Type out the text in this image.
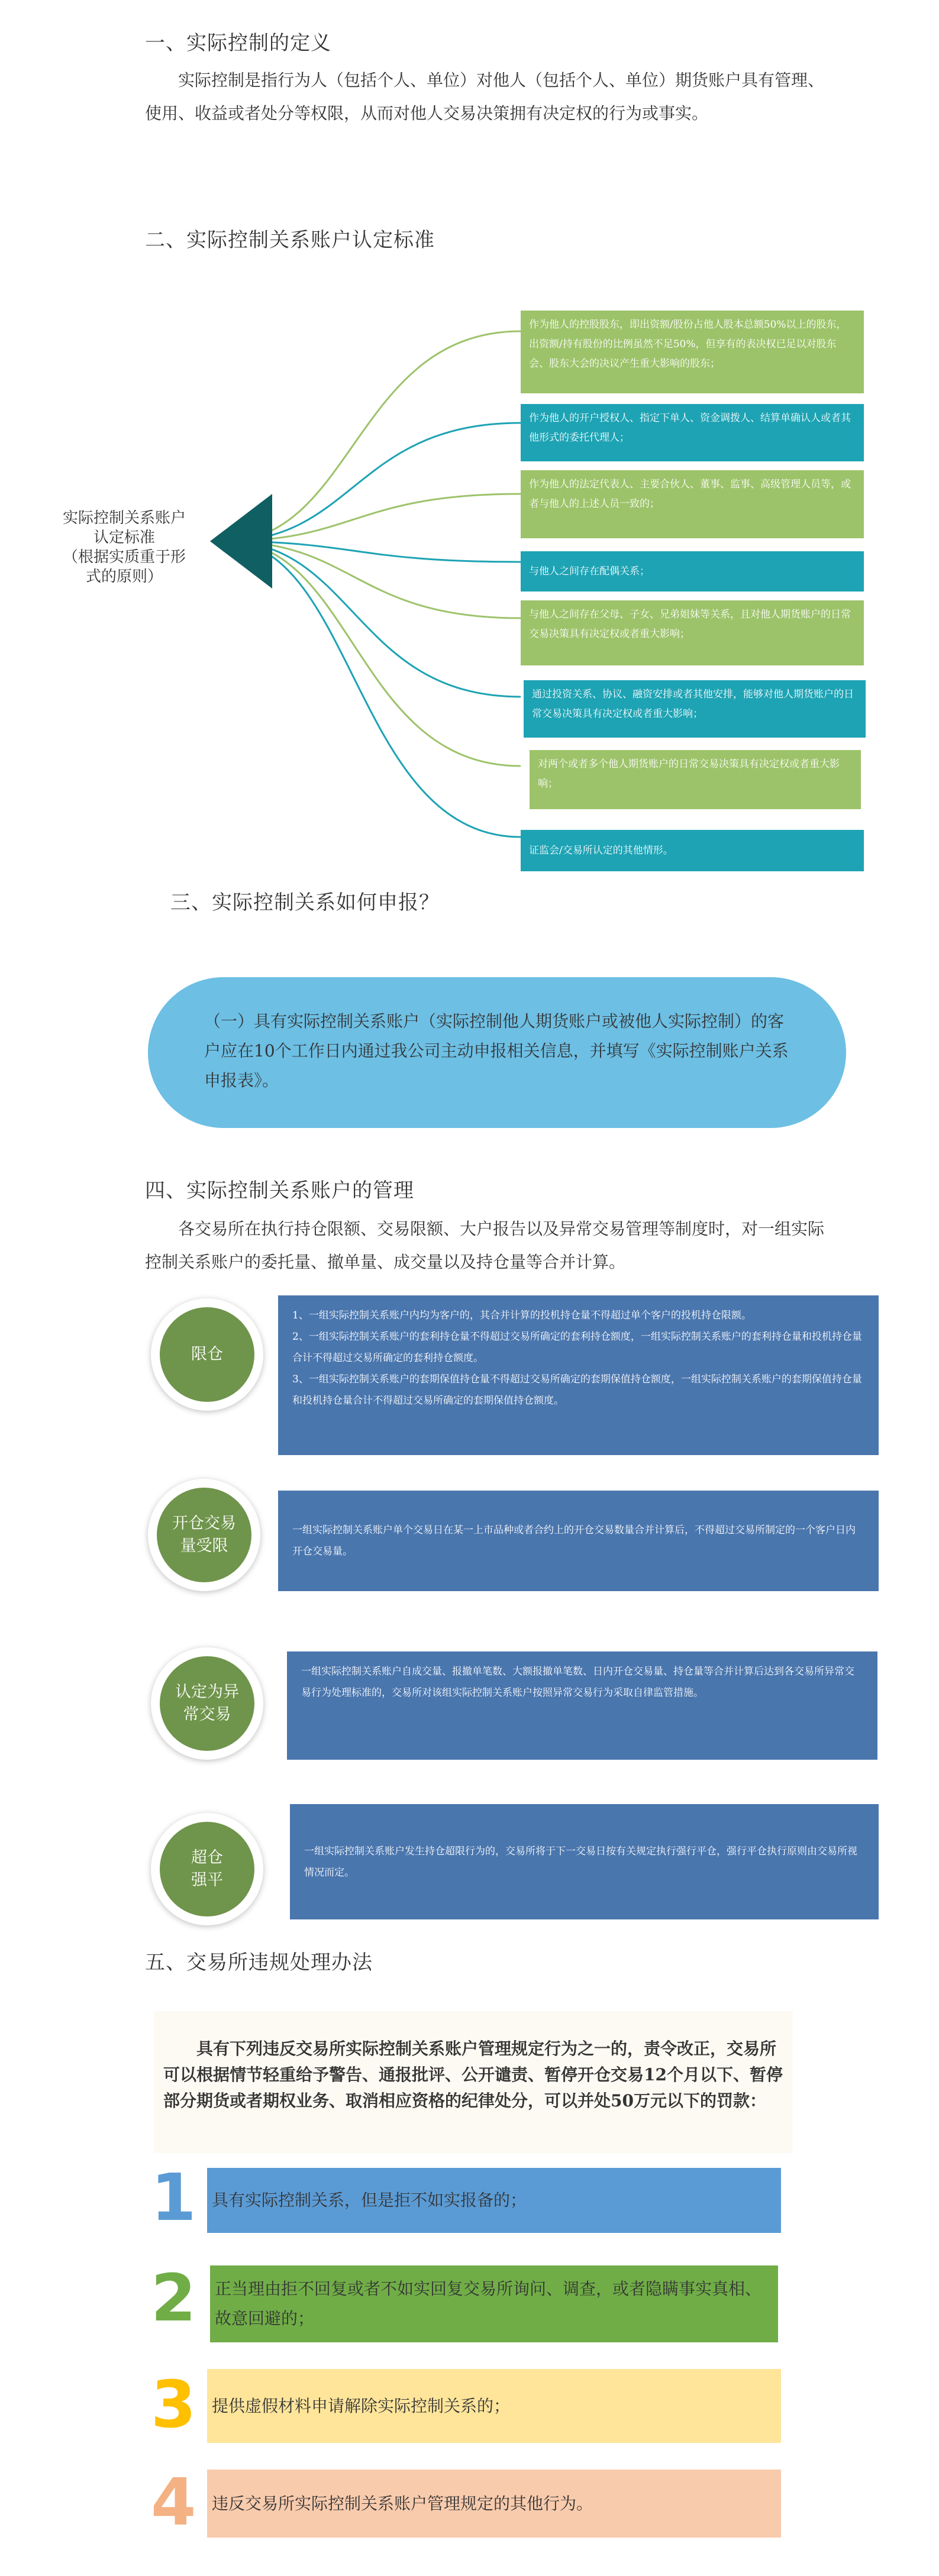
一、实际控制的定义
实际控制是指行为人（包括个人、单位）对他人（包括个人、单位）期货账户具有管理、使用、收益或者处分等权限，从而对他人交易决策拥有决定权的行为或事实。
二、实际控制关系账户认定标准
实际控制关系账户认定标准
（根据实质重于形式的原则）
作为他人的控股股东，即出资额/股份占他人股本总额50%以上的股东，出资额/持有股份的比例虽然不足50%，但享有的表决权已足以对股东会、股东大会的决议产生重大影响的股东；
作为他人的开户授权人、指定下单人、资金调拨人、结算单确认人或者其他形式的委托代理人；
作为他人的法定代表人、主要合伙人、董事、监事、高级管理人员等，或者与他人的上述人员一致的；
与他人之间存在配偶关系；
与他人之间存在父母、子女、兄弟姐妹等关系，且对他人期货账户的日常交易决策具有决定权或者重大影响；
通过投资关系、协议、融资安排或者其他安排，能够对他人期货账户的日常交易决策具有决定权或者重大影响；
对两个或者多个他人期货账户的日常交易决策具有决定权或者重大影响；
证监会/交易所认定的其他情形。
三、实际控制关系如何申报？
（一）具有实际控制关系账户（实际控制他人期货账户或被他人实际控制）的客户应在10个工作日内通过我公司主动申报相关信息，并填写《实际控制账户关系申报表》。
四、实际控制关系账户的管理
各交易所在执行持仓限额、交易限额、大户报告以及异常交易管理等制度时，对一组实际控制关系账户的委托量、撤单量、成交量以及持仓量等合并计算。
限仓
1、一组实际控制关系账户内均为客户的，其合并计算的投机持仓量不得超过单个客户的投机持仓限额。
2、一组实际控制关系账户的套利持仓量不得超过交易所确定的套利持仓额度，一组实际控制关系账户的套利持仓量和投机持仓量合计不得超过交易所确定的套利持仓额度。
3、一组实际控制关系账户的套期保值持仓量不得超过交易所确定的套期保值持仓额度，一组实际控制关系账户的套期保值持仓量和投机持仓量合计不得超过交易所确定的套期保值持仓额度。
开仓交易量受限
一组实际控制关系账户单个交易日在某一上市品种或者合约上的开仓交易数量合并计算后，不得超过交易所制定的一个客户日内开仓交易量。
认定为异常交易
一组实际控制关系账户自成交量、报撤单笔数、大额报撤单笔数、日内开仓交易量、持仓量等合并计算后达到各交易所异常交易行为处理标准的，交易所对该组实际控制关系账户按照异常交易行为采取自律监管措施。
超仓强平
一组实际控制关系账户发生持仓超限行为的，交易所将于下一交易日按有关规定执行强行平仓，强行平仓执行原则由交易所视情况而定。
五、交易所违规处理办法
具有下列违反交易所实际控制关系账户管理规定行为之一的，责令改正，交易所可以根据情节轻重给予警告、通报批评、公开谴责、暂停开仓交易12个月以下、暂停部分期货或者期权业务、取消相应资格的纪律处分，可以并处50万元以下的罚款：
1 具有实际控制关系，但是拒不如实报备的；
2 正当理由拒不回复或者不如实回复交易所询问、调查，或者隐瞒事实真相、故意回避的；
3 提供虚假材料申请解除实际控制关系的；
4 违反交易所实际控制关系账户管理规定的其他行为。
